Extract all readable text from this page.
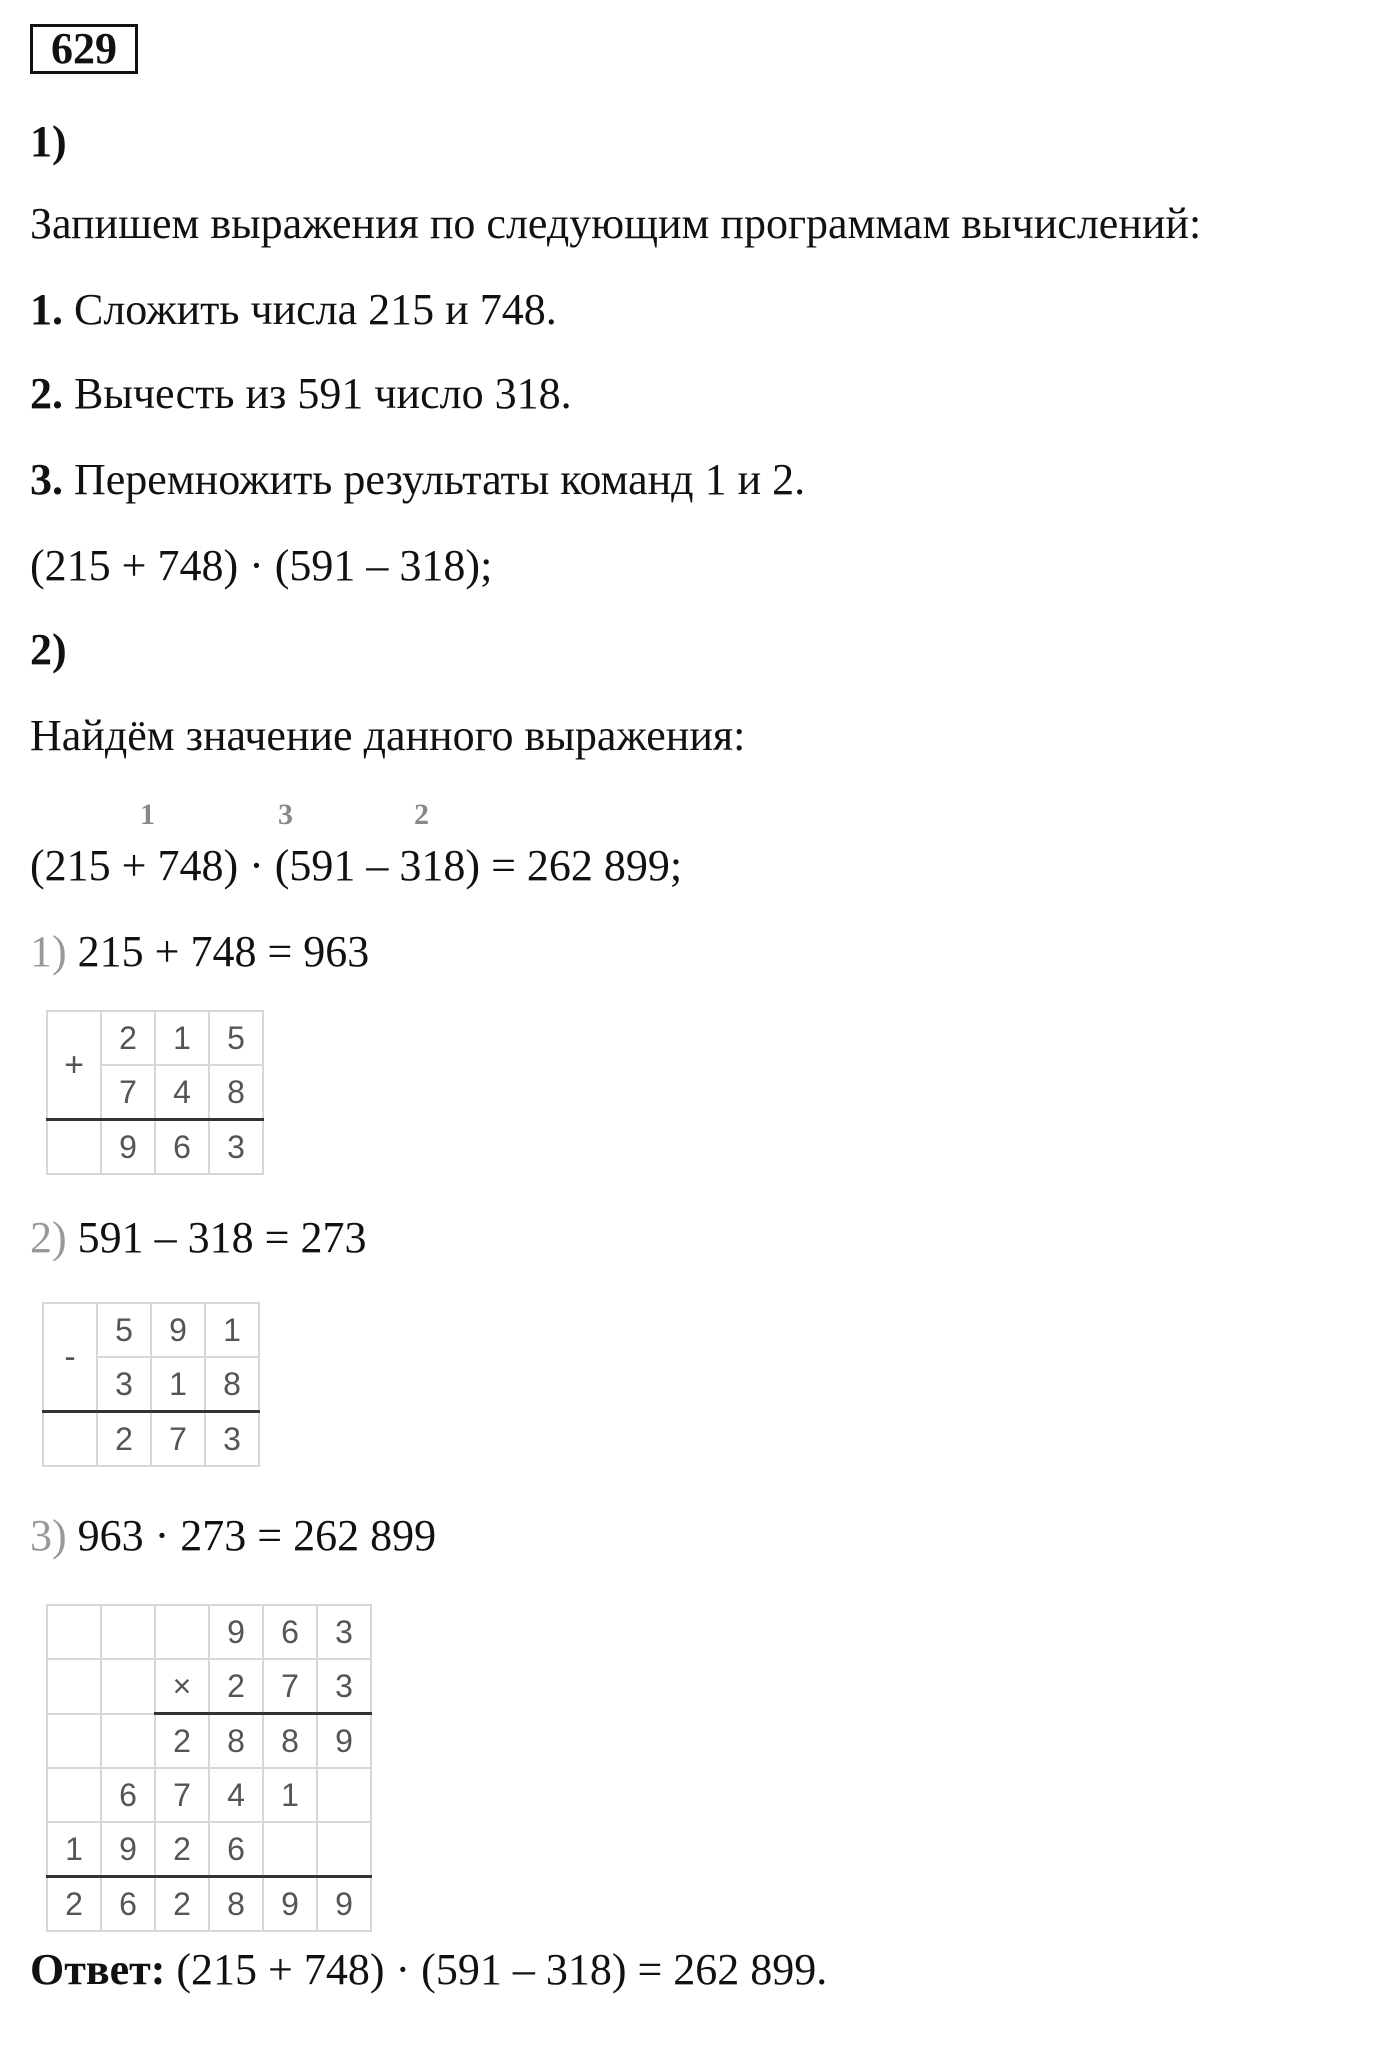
629
1)
Запишем выражения по следующим программам вычислений:
1. Сложить числа 215 и 748.
2. Вычесть из 591 число 318.
3. Перемножить результаты команд 1 и 2.
(215 + 748) · (591 – 318);
2)
Найдём значение данного выражения:
1	3	2
(215 + 748) · (591 – 318) = 262 899;
1) 215 + 748 = 963
+	2	1	5
	7	4	8
	9	6	3
2) 591 – 318 = 273
-	5	9	1
	3	1	8
	2	7	3
3) 963 · 273 = 262 899
			9	6	3
		×	2	7	3
		2	8	8	9
	6	7	4	1	
1	9	2	6		
2	6	2	8	9	9
Ответ: (215 + 748) · (591 – 318) = 262 899.
